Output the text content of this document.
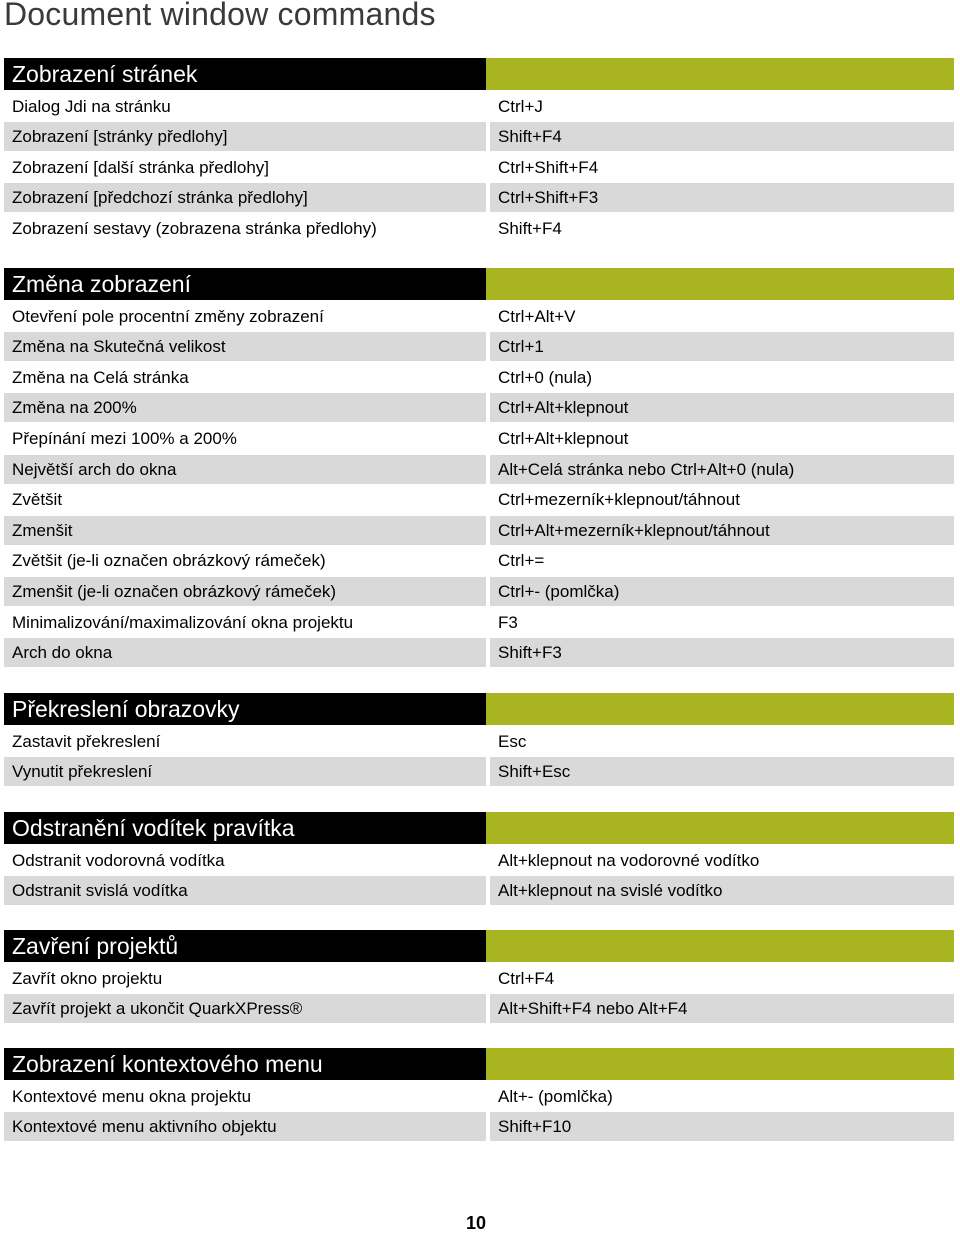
Document window commands
Zobrazení stránek
Dialog Jdi na stránku	Ctrl+J
Zobrazení [stránky předlohy]	Shift+F4
Zobrazení [další stránka předlohy]	Ctrl+Shift+F4
Zobrazení [předchozí stránka předlohy]	Ctrl+Shift+F3
Zobrazení sestavy (zobrazena stránka předlohy)	Shift+F4
Změna zobrazení
Otevření pole procentní změny zobrazení	Ctrl+Alt+V
Změna na Skutečná velikost	Ctrl+1
Změna na Celá stránka	Ctrl+0 (nula)
Změna na 200%	Ctrl+Alt+klepnout
Přepínání mezi 100% a 200%	Ctrl+Alt+klepnout
Největší arch do okna	Alt+Celá stránka nebo Ctrl+Alt+0 (nula)
Zvětšit	Ctrl+mezerník+klepnout/táhnout
Zmenšit	Ctrl+Alt+mezerník+klepnout/táhnout
Zvětšit (je-li označen obrázkový rámeček)	Ctrl+=
Zmenšit (je-li označen obrázkový rámeček)	Ctrl+- (pomlčka)
Minimalizování/maximalizování okna projektu	F3
Arch do okna	Shift+F3
Překreslení obrazovky
Zastavit překreslení	Esc
Vynutit překreslení	Shift+Esc
Odstranění vodítek pravítka
Odstranit vodorovná vodítka	Alt+klepnout na vodorovné vodítko
Odstranit svislá vodítka	Alt+klepnout na svislé vodítko
Zavření projektů
Zavřít okno projektu	Ctrl+F4
Zavřít projekt a ukončit QuarkXPress®	Alt+Shift+F4 nebo Alt+F4
Zobrazení kontextového menu
Kontextové menu okna projektu	Alt+- (pomlčka)
Kontextové menu aktivního objektu	Shift+F10
10
